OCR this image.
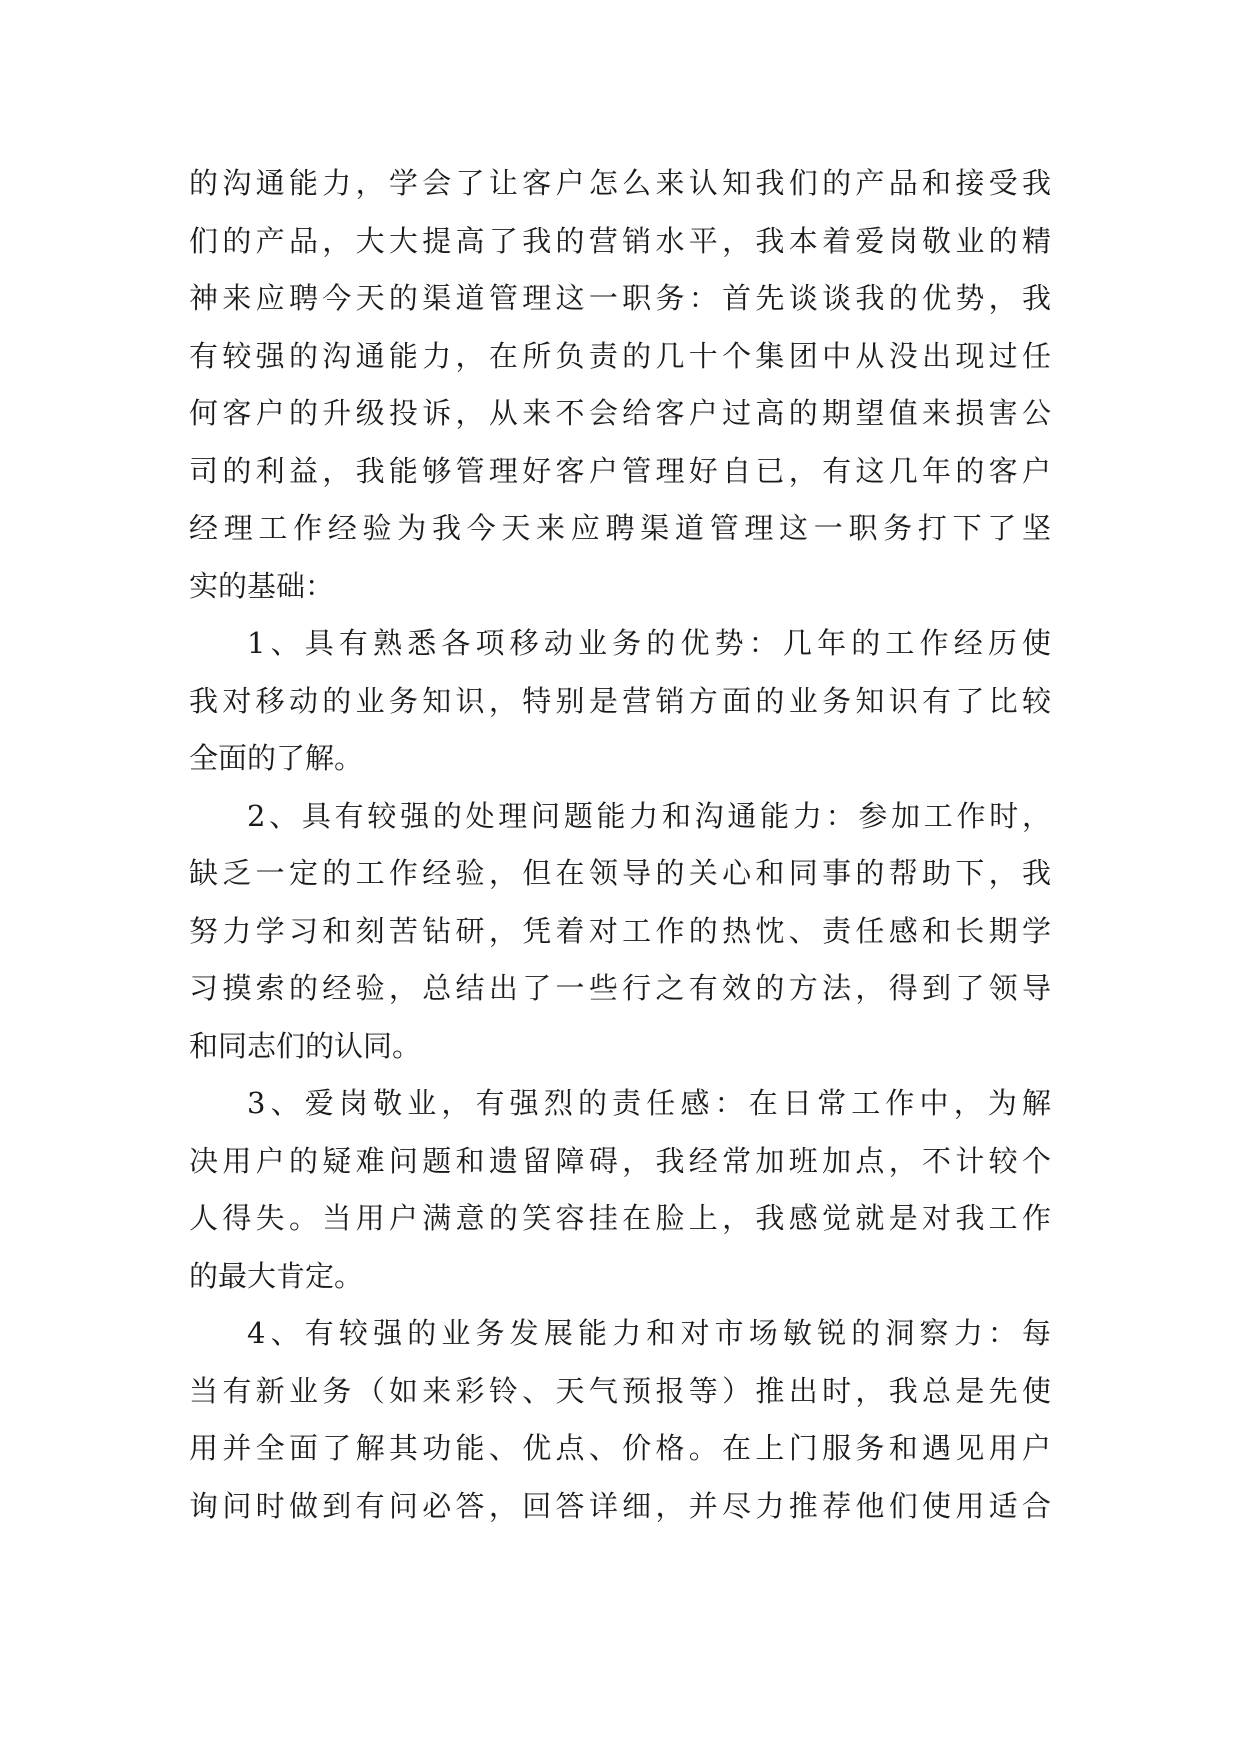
的沟通能力，学会了让客户怎么来认知我们的产品和接受我
们的产品，大大提高了我的营销水平，我本着爱岗敬业的精
神来应聘今天的渠道管理这一职务：首先谈谈我的优势，我
有较强的沟通能力，在所负责的几十个集团中从没出现过任
何客户的升级投诉，从来不会给客户过高的期望值来损害公
司的利益，我能够管理好客户管理好自已，有这几年的客户
经理工作经验为我今天来应聘渠道管理这一职务打下了坚
实的基础：
1、具有熟悉各项移动业务的优势：几年的工作经历使
我对移动的业务知识，特别是营销方面的业务知识有了比较
全面的了解。
2、具有较强的处理问题能力和沟通能力：参加工作时，
缺乏一定的工作经验，但在领导的关心和同事的帮助下，我
努力学习和刻苦钻研，凭着对工作的热忱、责任感和长期学
习摸索的经验，总结出了一些行之有效的方法，得到了领导
和同志们的认同。
3、爱岗敬业，有强烈的责任感：在日常工作中，为解
决用户的疑难问题和遗留障碍，我经常加班加点，不计较个
人得失。当用户满意的笑容挂在脸上，我感觉就是对我工作
的最大肯定。
4、有较强的业务发展能力和对市场敏锐的洞察力：每
当有新业务（如来彩铃、天气预报等）推出时，我总是先使
用并全面了解其功能、优点、价格。在上门服务和遇见用户
询问时做到有问必答，回答详细，并尽力推荐他们使用适合
